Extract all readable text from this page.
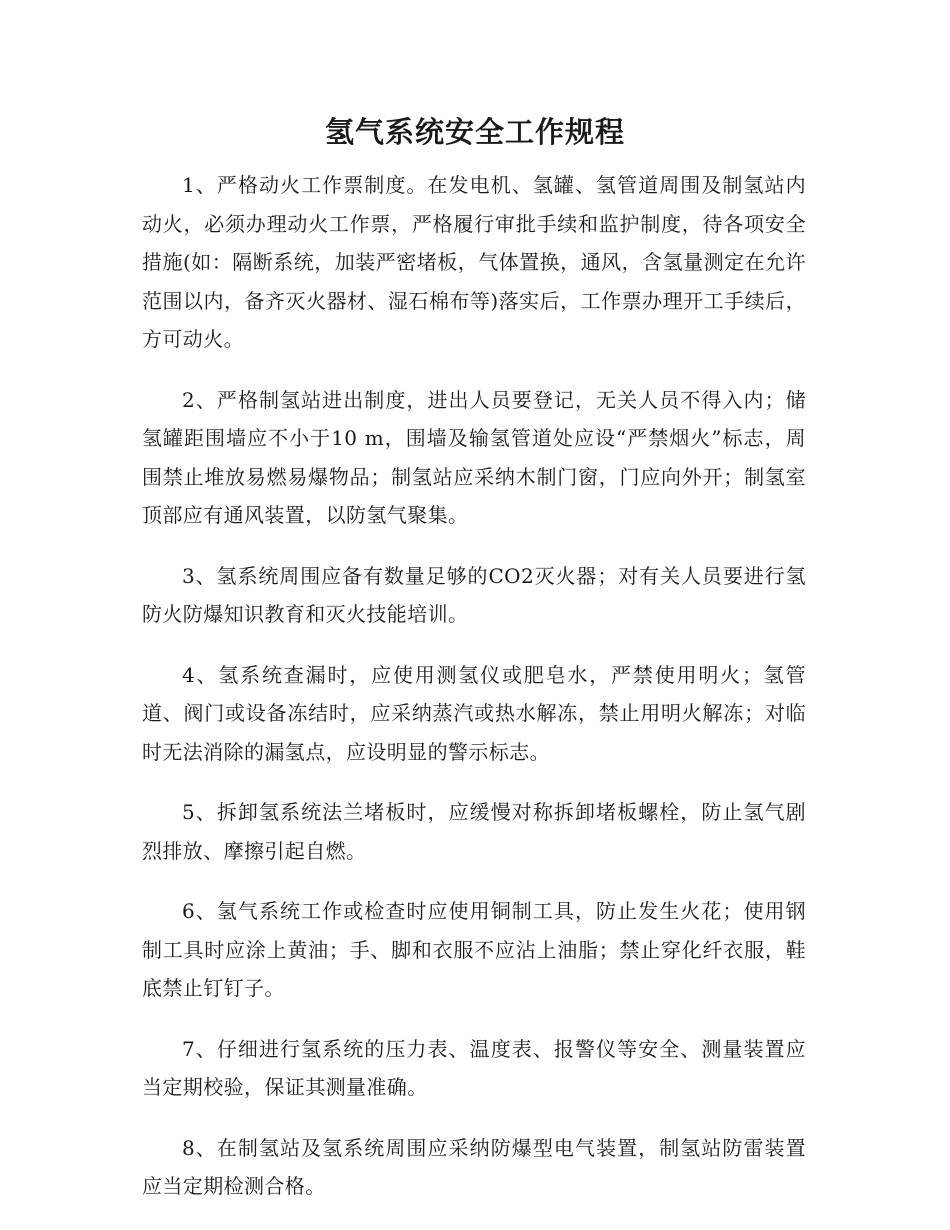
氢气系统安全工作规程

1、严格动火工作票制度。在发电机、氢罐、氢管道周围及制氢站内动火，必须办理动火工作票，严格履行审批手续和监护制度，待各项安全措施(如：隔断系统，加装严密堵板，气体置换，通风，含氢量测定在允许范围以内，备齐灭火器材、湿石棉布等)落实后，工作票办理开工手续后，方可动火。

2、严格制氢站进出制度，进出人员要登记，无关人员不得入内；储氢罐距围墙应不小于10 m，围墙及输氢管道处应设“严禁烟火”标志，周围禁止堆放易燃易爆物品；制氢站应采纳木制门窗，门应向外开；制氢室顶部应有通风装置，以防氢气聚集。

3、氢系统周围应备有数量足够的CO2灭火器；对有关人员要进行氢防火防爆知识教育和灭火技能培训。

4、氢系统查漏时，应使用测氢仪或肥皂水，严禁使用明火；氢管道、阀门或设备冻结时，应采纳蒸汽或热水解冻，禁止用明火解冻；对临时无法消除的漏氢点，应设明显的警示标志。

5、拆卸氢系统法兰堵板时，应缓慢对称拆卸堵板螺栓，防止氢气剧烈排放、摩擦引起自燃。

6、氢气系统工作或检查时应使用铜制工具，防止发生火花；使用钢制工具时应涂上黄油；手、脚和衣服不应沾上油脂；禁止穿化纤衣服，鞋底禁止钉钉子。

7、仔细进行氢系统的压力表、温度表、报警仪等安全、测量装置应当定期校验，保证其测量准确。

8、在制氢站及氢系统周围应采纳防爆型电气装置，制氢站防雷装置应当定期检测合格。
